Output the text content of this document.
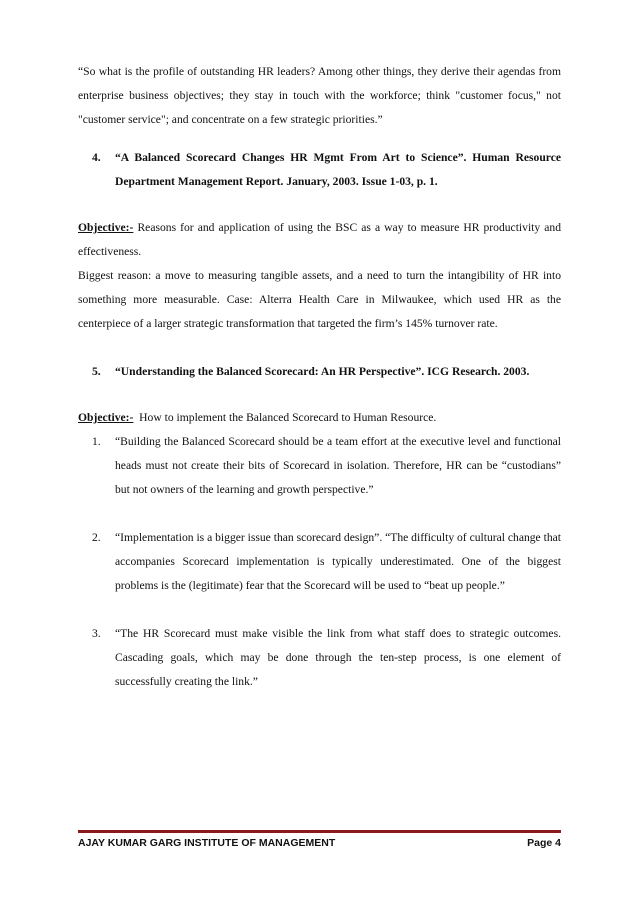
“So what is the profile of outstanding HR leaders? Among other things, they derive their agendas from enterprise business objectives; they stay in touch with the workforce; think "customer focus," not "customer service"; and concentrate on a few strategic priorities.”

4.	“A Balanced Scorecard Changes HR Mgmt From Art to Science”. Human Resource Department Management Report. January, 2003. Issue 1-03, p. 1.

Objective:- Reasons for and application of using the BSC as a way to measure HR productivity and effectiveness.

Biggest reason: a move to measuring tangible assets, and a need to turn the intangibility of HR into something more measurable. Case: Alterra Health Care in Milwaukee, which used HR as the centerpiece of a larger strategic transformation that targeted the firm’s 145% turnover rate.

5.	“Understanding the Balanced Scorecard: An HR Perspective”. ICG Research. 2003.

Objective:-  How to implement the Balanced Scorecard to Human Resource.

1.	“Building the Balanced Scorecard should be a team effort at the executive level and functional heads must not create their bits of Scorecard in isolation. Therefore, HR can be “custodians” but not owners of the learning and growth perspective.”
2.	“Implementation is a bigger issue than scorecard design”. “The difficulty of cultural change that accompanies Scorecard implementation is typically underestimated. One of the biggest problems is the (legitimate) fear that the Scorecard will be used to “beat up people.”
3.	“The HR Scorecard must make visible the link from what staff does to strategic outcomes. Cascading goals, which may be done through the ten-step process, is one element of successfully creating the link.”
AJAY KUMAR GARG INSTITUTE OF MANAGEMENT	Page 4
